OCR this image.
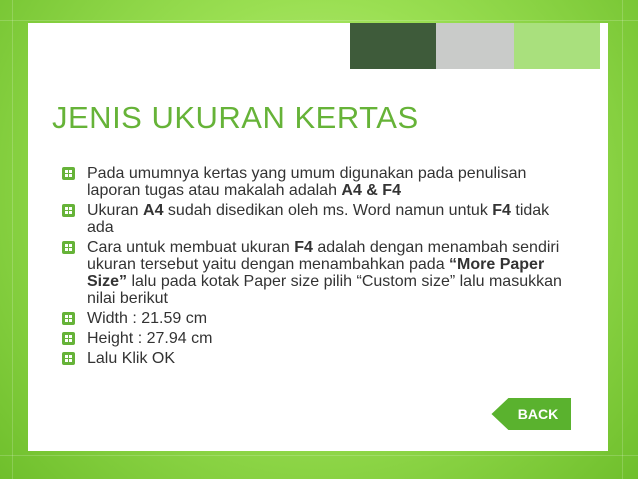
JENIS UKURAN KERTAS
Pada umumnya kertas yang umum digunakan pada penulisan laporan tugas atau makalah adalah A4 & F4
Ukuran A4 sudah disedikan oleh ms. Word namun untuk F4 tidak ada
Cara untuk membuat ukuran F4 adalah dengan menambah sendiri ukuran tersebut yaitu dengan menambahkan pada “More Paper Size” lalu pada kotak Paper size pilih “Custom size” lalu masukkan nilai berikut
Width : 21.59 cm
Height : 27.94 cm
Lalu Klik OK
BACK
